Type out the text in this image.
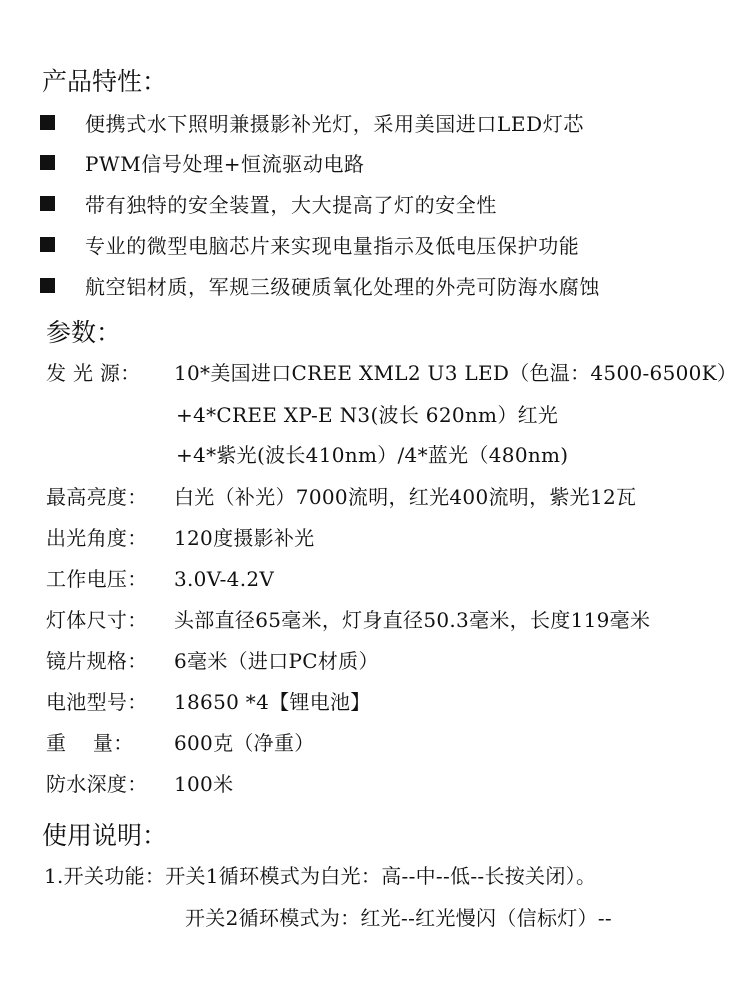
产品特性：
便携式水下照明兼摄影补光灯，采用美国进口LED灯芯
PWM信号处理+恒流驱动电路
带有独特的安全装置，大大提高了灯的安全性
专业的微型电脑芯片来实现电量指示及低电压保护功能
航空铝材质，军规三级硬质氧化处理的外壳可防海水腐蚀
参数：
发 光 源： 10*美国进口CREE XML2 U3 LED（色温：4500-6500K）
+4*CREE XP-E N3(波长 620nm）红光
+4*紫光(波长410nm）/4*蓝光（480nm)
最高亮度： 白光（补光）7000流明，红光400流明，紫光12瓦
出光角度： 120度摄影补光
工作电压： 3.0V-4.2V
灯体尺寸： 头部直径65毫米，灯身直径50.3毫米，长度119毫米
镜片规格： 6毫米（进口PC材质）
电池型号： 18650 *4【锂电池】
重    量： 600克（净重）
防水深度： 100米
使用说明：
1.开关功能：开关1循环模式为白光：高--中--低--长按关闭）。
开关2循环模式为：红光--红光慢闪（信标灯）--
